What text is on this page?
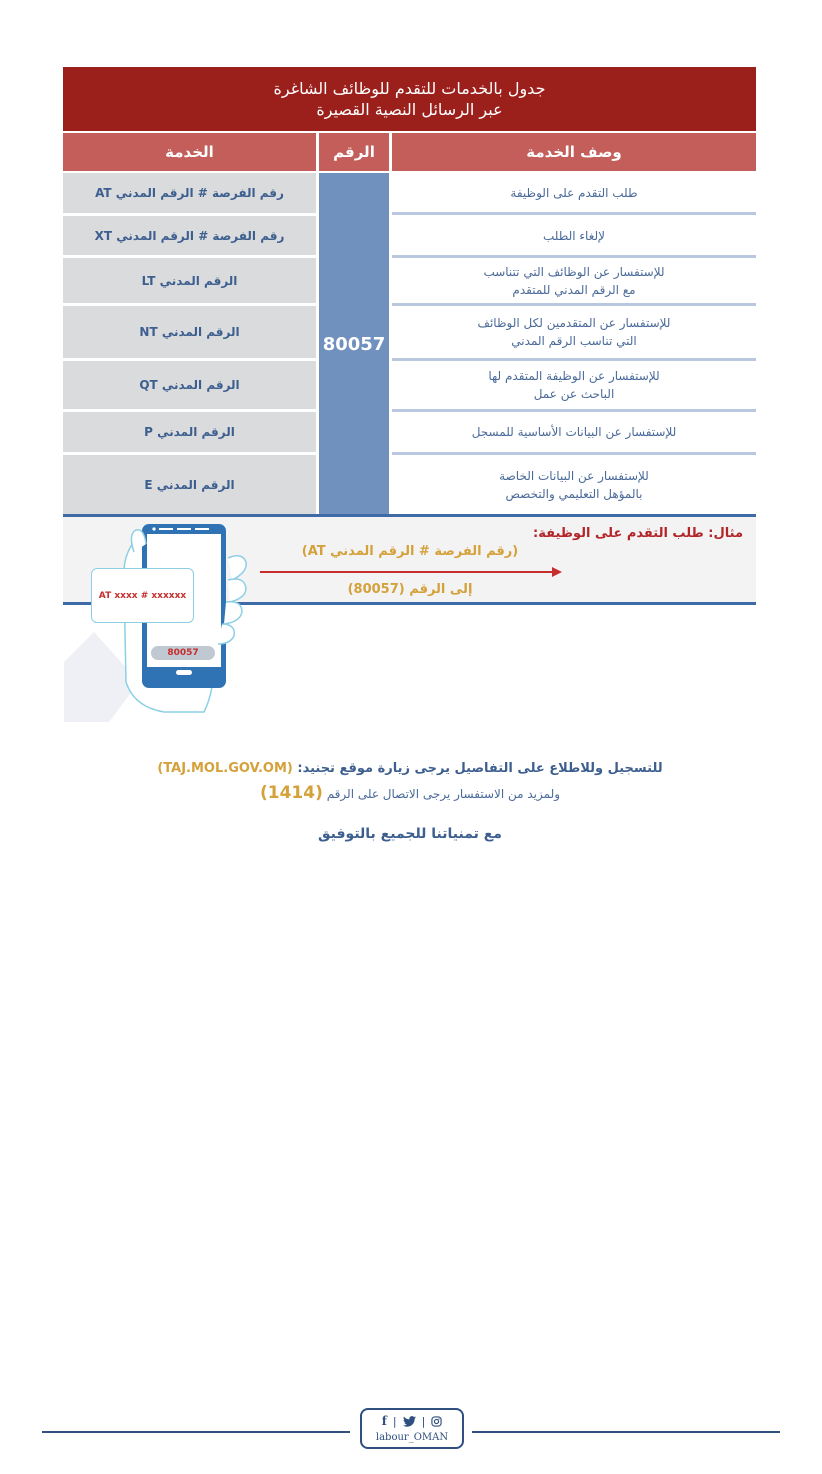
جدول بالخدمات للتقدم للوظائف الشاغرة
عبر الرسائل النصية القصيرة
الخدمة	الرقم	وصف الخدمة
رقم الفرصة # الرقم المدني AT
رقم الفرصة # الرقم المدني XT
الرقم المدني LT
الرقم المدني NT
الرقم المدني QT
الرقم المدني P
الرقم المدني E
80057
طلب التقدم على الوظيفة
لإلغاء الطلب
للإستفسار عن الوظائف التي تتناسب
مع الرقم المدني للمتقدم
للإستفسار عن المتقدمين لكل الوظائف
التي تناسب الرقم المدني
للإستفسار عن الوظيفة المتقدم لها
الباحث عن عمل
للإستفسار عن البيانات الأساسية للمسجل
للإستفسار عن البيانات الخاصة
بالمؤهل التعليمي والتخصص
مثال: طلب التقدم على الوظيفة:
(رقم الفرصة # الرقم المدني AT)
إلى الرقم (80057)
AT xxxx # xxxxxx
80057
للتسجيل وللاطلاع على التفاصيل يرجى زيارة موقع تجنيد: (TAJ.MOL.GOV.OM)
ولمزيد من الاستفسار يرجى الاتصال على الرقم (1414)
مع تمنياتنا للجميع بالتوفيق
f | |
labour_OMAN
